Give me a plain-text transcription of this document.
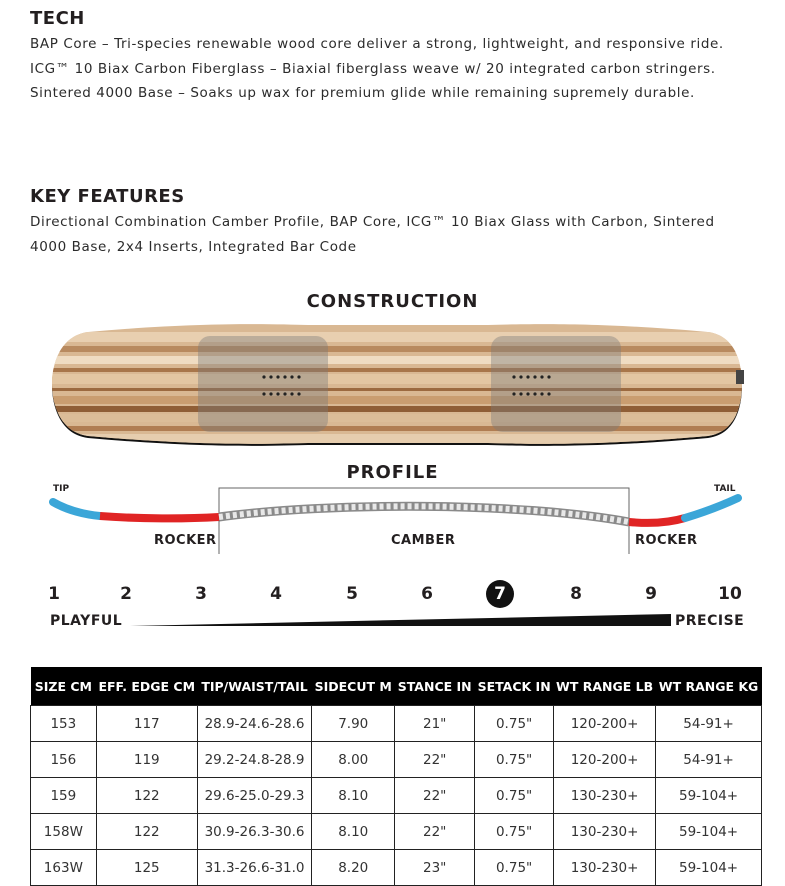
TECH

BAP Core – Tri-species renewable wood core deliver a strong, lightweight, and responsive ride.

ICG™ 10 Biax Carbon Fiberglass – Biaxial fiberglass weave w/ 20 integrated carbon stringers.

Sintered 4000 Base – Soaks up wax for premium glide while remaining supremely durable.

KEY FEATURES

Directional Combination Camber Profile, BAP Core, ICG™ 10 Biax Glass with Carbon, Sintered

4000 Base, 2x4 Inserts, Integrated Bar Code

CONSTRUCTION
PROFILE
TIP	TAIL
ROCKER	CAMBER	ROCKER
1	2	3	4	5	6	7	8	9	10
PLAYFUL	PRECISE
SIZE CM	EFF. EDGE CM	TIP/WAIST/TAIL	SIDECUT M	STANCE IN	SETACK IN	WT RANGE LB	WT RANGE KG
153	117	28.9-24.6-28.6	7.90	21"	0.75"	120-200+	54-91+
156	119	29.2-24.8-28.9	8.00	22"	0.75"	120-200+	54-91+
159	122	29.6-25.0-29.3	8.10	22"	0.75"	130-230+	59-104+
158W	122	30.9-26.3-30.6	8.10	22"	0.75"	130-230+	59-104+
163W	125	31.3-26.6-31.0	8.20	23"	0.75"	130-230+	59-104+
